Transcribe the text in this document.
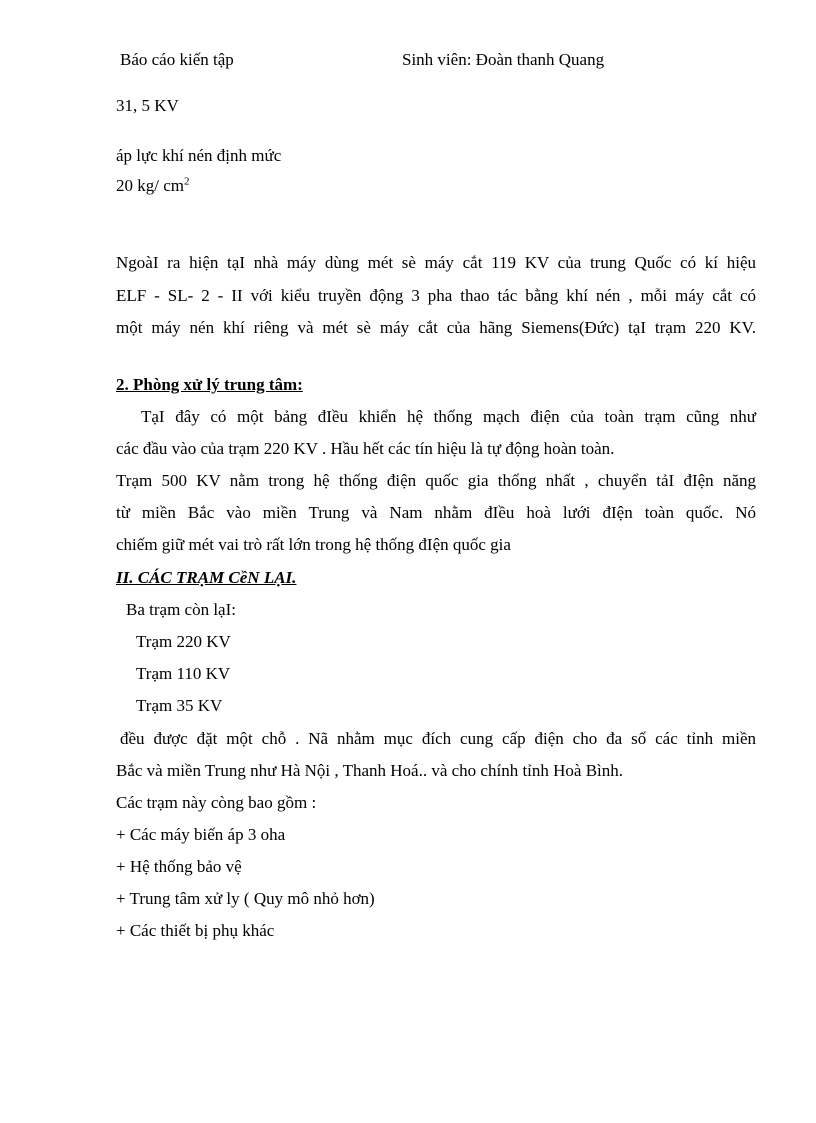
Báo cáo kiến tập	Sinh viên: Đoàn thanh Quang
31, 5 KV
áp lực khí nén định mức
20 kg/ $cm^2$
NgoàI ra hiện tạI nhà máy dùng mét sè máy cắt 119 KV của trung Quốc có kí hiệu
ELF - SL- 2 - II với kiểu truyền động 3 pha thao tác bằng khí nén , mỗi máy cắt có
một máy nén khí riêng và mét sè máy cắt của hãng Siemens(Đức) tạI trạm 220 KV.
2. Phòng xử lý trung tâm:
TạI đây có một bảng đIều khiển hệ thống mạch điện của toàn trạm cũng như
các đầu vào của trạm 220 KV . Hầu hết các tín hiệu là tự động hoàn toàn.
Trạm 500 KV nằm trong hệ thống điện quốc gia thống nhất , chuyển tảI đIện năng
từ miền Bắc vào miền Trung và Nam nhằm đIều hoà lưới đIện toàn quốc. Nó
chiếm giữ mét vai trò rất lớn trong hệ thống đIện quốc gia
II. CÁC TRẠM CềN LẠI.
Ba trạm còn lạI:
Trạm 220 KV
Trạm 110 KV
Trạm 35 KV
đều được đặt một chỗ . Nã nhằm mục đích cung cấp điện cho đa số các tỉnh miền
Bắc và miền Trung như Hà Nội , Thanh Hoá.. và cho chính tỉnh Hoà Bình.
Các trạm này còng bao gồm :
+ Các máy biến áp 3 oha
+ Hệ thống bảo vệ
+ Trung tâm xử ly ( Quy mô nhỏ hơn)
+ Các thiết bị phụ khác
